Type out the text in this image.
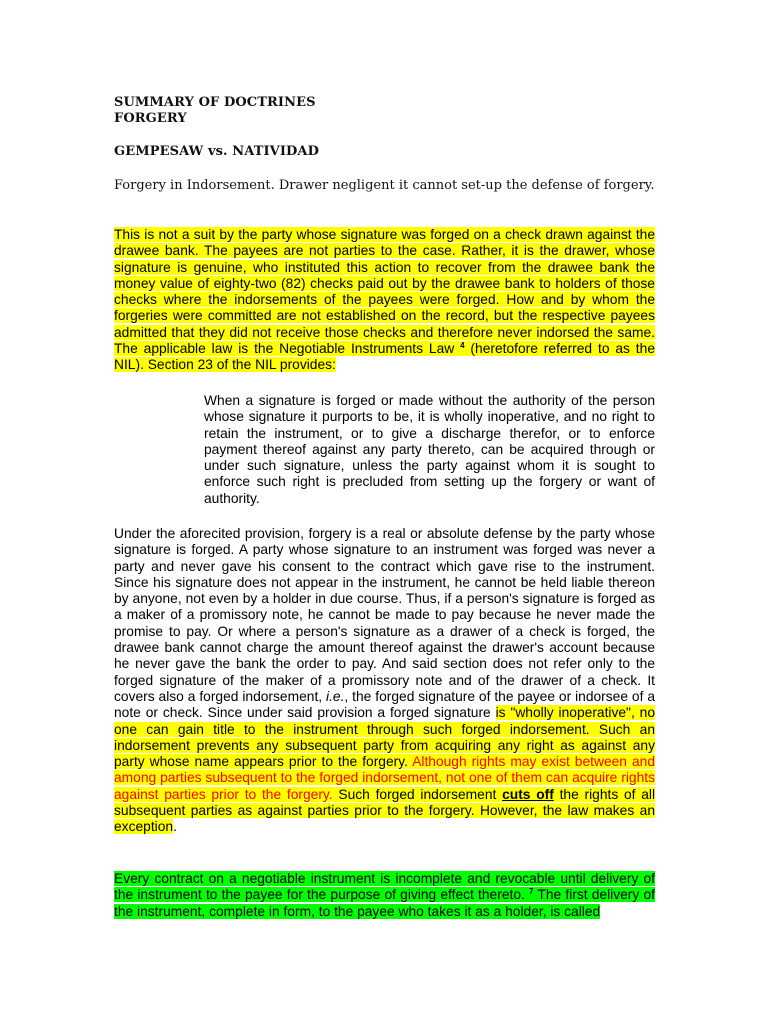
SUMMARY OF DOCTRINES
FORGERY
GEMPESAW vs. NATIVIDAD
Forgery in Indorsement. Drawer negligent it cannot set-up the defense of forgery.
This is not a suit by the party whose signature was forged on a check drawn against the drawee bank. The payees are not parties to the case. Rather, it is the drawer, whose signature is genuine, who instituted this action to recover from the drawee bank the money value of eighty-two (82) checks paid out by the drawee bank to holders of those checks where the indorsements of the payees were forged. How and by whom the forgeries were committed are not established on the record, but the respective payees admitted that they did not receive those checks and therefore never indorsed the same. The applicable law is the Negotiable Instruments Law $^4$ (heretofore referred to as the NIL). Section 23 of the NIL provides:
When a signature is forged or made without the authority of the person whose signature it purports to be, it is wholly inoperative, and no right to retain the instrument, or to give a discharge therefor, or to enforce payment thereof against any party thereto, can be acquired through or under such signature, unless the party against whom it is sought to enforce such right is precluded from setting up the forgery or want of authority.
Under the aforecited provision, forgery is a real or absolute defense by the party whose signature is forged. A party whose signature to an instrument was forged was never a party and never gave his consent to the contract which gave rise to the instrument. Since his signature does not appear in the instrument, he cannot be held liable thereon by anyone, not even by a holder in due course. Thus, if a person's signature is forged as a maker of a promissory note, he cannot be made to pay because he never made the promise to pay. Or where a person's signature as a drawer of a check is forged, the drawee bank cannot charge the amount thereof against the drawer's account because he never gave the bank the order to pay. And said section does not refer only to the forged signature of the maker of a promissory note and of the drawer of a check. It covers also a forged indorsement, i.e., the forged signature of the payee or indorsee of a note or check. Since under said provision a forged signature is "wholly inoperative", no one can gain title to the instrument through such forged indorsement. Such an indorsement prevents any subsequent party from acquiring any right as against any party whose name appears prior to the forgery. Although rights may exist between and among parties subsequent to the forged indorsement, not one of them can acquire rights against parties prior to the forgery. Such forged indorsement cuts off the rights of all subsequent parties as against parties prior to the forgery. However, the law makes an exception.
Every contract on a negotiable instrument is incomplete and revocable until delivery of the instrument to the payee for the purpose of giving effect thereto. $^7$ The first delivery of the instrument, complete in form, to the payee who takes it as a holder, is called
